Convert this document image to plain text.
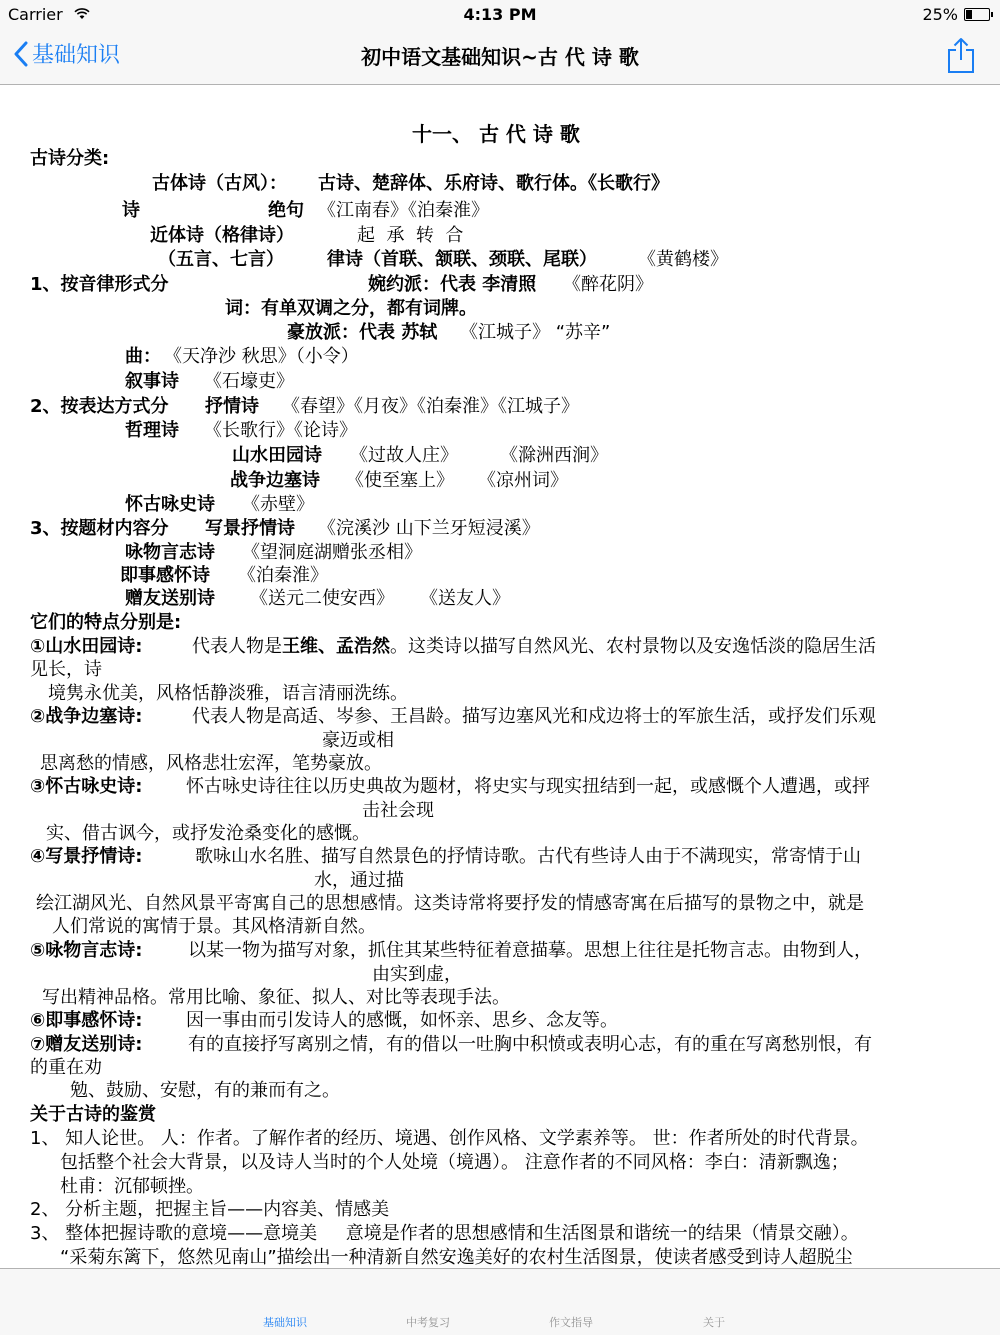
Carrier	4:13 PM	25%
基础知识	初中语文基础知识~古 代 诗 歌
十一、 古 代 诗 歌
古诗分类:
古体诗（古风）： 古诗、楚辞体、乐府诗、歌行体。《长歌行》
诗	绝句 《江南春》《泊秦淮》
近体诗（格律诗）	起  承  转  合
（五言、七言） 律诗（首联、颔联、颈联、尾联） 《黄鹤楼》
1、按音律形式分	婉约派：代表 李清照 《醉花阴》
词：有单双调之分，都有词牌。
豪放派：代表 苏轼 《江城子》 “苏辛”
曲： 《天净沙 秋思》（小令）
叙事诗 《石壕吏》
2、按表达方式分 抒情诗 《春望》《月夜》《泊秦淮》《江城子》
哲理诗 《长歌行》《论诗》
山水田园诗 《过故人庄》 《滁洲西涧》
战争边塞诗 《使至塞上》 《凉州词》
怀古咏史诗 《赤壁》
3、按题材内容分 写景抒情诗 《浣溪沙 山下兰牙短浸溪》
咏物言志诗 《望洞庭湖赠张丞相》
即事感怀诗 《泊秦淮》
赠友送别诗 《送元二使安西》 《送友人》
它们的特点分别是:
①山水田园诗:	代表人物是王维、孟浩然。这类诗以描写自然风光、农村景物以及安逸恬淡的隐居生活
见长，诗
境隽永优美，风格恬静淡雅，语言清丽洗练。
②战争边塞诗:	代表人物是高适、岑参、王昌龄。描写边塞风光和戍边将士的军旅生活，或抒发们乐观
豪迈或相
思离愁的情感，风格悲壮宏浑，笔势豪放。
③怀古咏史诗: 怀古咏史诗往往以历史典故为题材，将史实与现实扭结到一起，或感慨个人遭遇，或抨
击社会现
实、借古讽今，或抒发沧桑变化的感慨。
④写景抒情诗:	歌咏山水名胜、描写自然景色的抒情诗歌。古代有些诗人由于不满现实，常寄情于山
水，通过描
绘江湖风光、自然风景平寄寓自己的思想感情。这类诗常将要抒发的情感寄寓在后描写的景物之中，就是
人们常说的寓情于景。其风格清新自然。
⑤咏物言志诗:	以某一物为描写对象，抓住其某些特征着意描摹。思想上往往是托物言志。由物到人，
由实到虚，
写出精神品格。常用比喻、象征、拟人、对比等表现手法。
⑥即事感怀诗: 因一事由而引发诗人的感慨，如怀亲、思乡、念友等。
⑦赠友送别诗:	有的直接抒写离别之情，有的借以一吐胸中积愤或表明心志，有的重在写离愁别恨，有
的重在劝
勉、鼓励、安慰，有的兼而有之。
关于古诗的鉴赏
1、 知人论世。 人：作者。了解作者的经历、境遇、创作风格、文学素养等。 世：作者所处的时代背景。
包括整个社会大背景，以及诗人当时的个人处境（境遇）。 注意作者的不同风格：李白：清新飘逸；
杜甫：沉郁顿挫。
2、 分析主题，把握主旨——内容美、情感美
3、 整体把握诗歌的意境——意境美     意境是作者的思想感情和生活图景和谐统一的结果（情景交融）。
“采菊东篱下，悠然见南山”描绘出一种清新自然安逸美好的农村生活图景，使读者感受到诗人超脱尘
基础知识	中考复习	作文指导	关于
